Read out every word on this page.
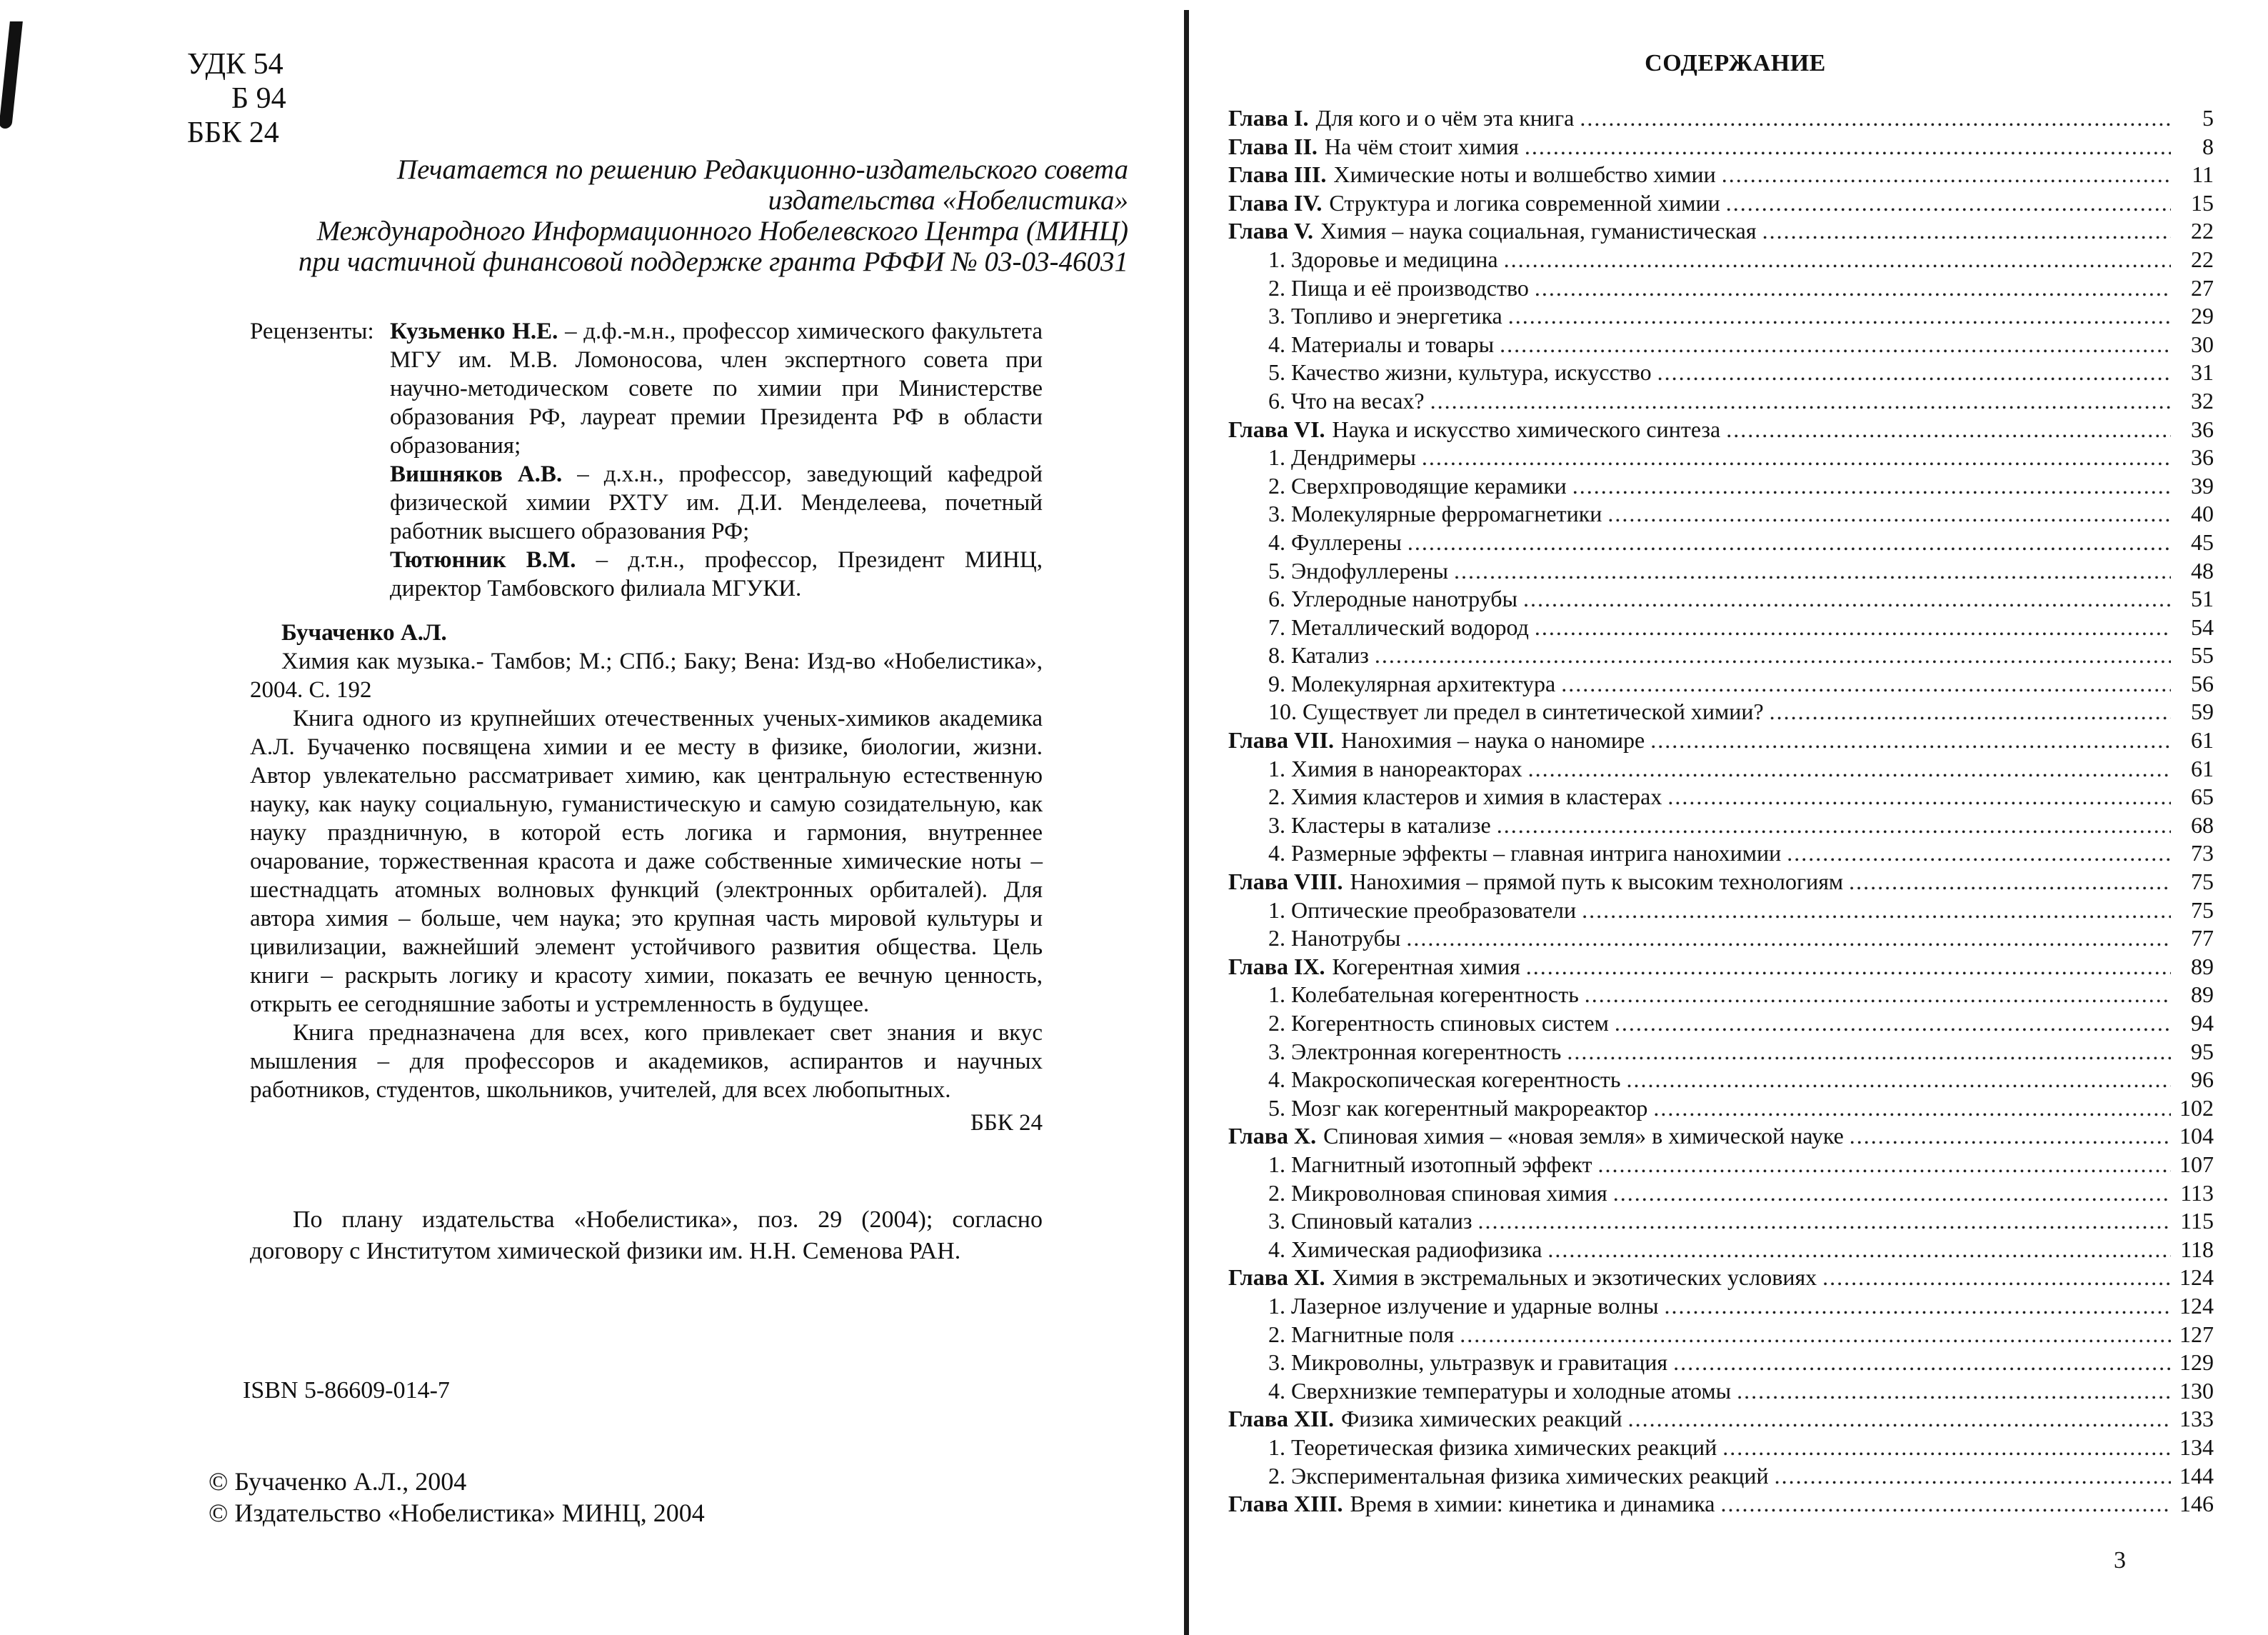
УДК 54
Б 94
ББК 24
Печатается по решению Редакционно-издательского совета
издательства «Нобелистика»
Международного Информационного Нобелевского Центра (МИНЦ)
при частичной финансовой поддержке гранта РФФИ № 03-03-46031
Рецензенты: Кузьменко Н.Е. – д.ф.-м.н., профессор химического факультета МГУ им. М.В. Ломоносова, член экспертного совета при научно-методическом совете по химии при Министерстве образования РФ, лауреат премии Президента РФ в области образования;
Вишняков А.В. – д.х.н., профессор, заведующий кафедрой физической химии РХТУ им. Д.И. Менделеева, почетный работник высшего образования РФ;
Тютюнник В.М. – д.т.н., профессор, Президент МИНЦ, директор Тамбовского филиала МГУКИ.
Бучаченко А.Л.
Химия как музыка.- Тамбов; М.; СПб.; Баку; Вена: Изд-во «Нобелистика», 2004. С. 192
Книга одного из крупнейших отечественных ученых-химиков академика А.Л. Бучаченко посвящена химии и ее месту в физике, биологии, жизни. Автор увлекательно рассматривает химию, как центральную естественную науку, как науку социальную, гуманистическую и самую созидательную, как науку праздничную, в которой есть логика и гармония, внутреннее очарование, торжественная красота и даже собственные химические ноты – шестнадцать атомных волновых функций (электронных орбиталей). Для автора химия – больше, чем наука; это крупная часть мировой культуры и цивилизации, важнейший элемент устойчивого развития общества. Цель книги – раскрыть логику и красоту химии, показать ее вечную ценность, открыть ее сегодняшние заботы и устремленность в будущее.
Книга предназначена для всех, кого привлекает свет знания и вкус мышления – для профессоров и академиков, аспирантов и научных работников, студентов, школьников, учителей, для всех любопытных.
ББК 24
По плану издательства «Нобелистика», поз. 29 (2004); согласно договору с Институтом химической физики им. Н.Н. Семенова РАН.
ISBN 5-86609-014-7
© Бучаченко А.Л., 2004
© Издательство «Нобелистика» МИНЦ, 2004
СОДЕРЖАНИЕ
Глава I. Для кого и о чём эта книга .....	5
Глава II. На чём стоит химия .....	8
Глава III. Химические ноты и волшебство химии .....	11
Глава IV. Структура и логика современной химии .....	15
Глава V. Химия – наука социальная, гуманистическая .....	22
1. Здоровье и медицина .....	22
2. Пища и её производство .....	27
3. Топливо и энергетика .....	29
4. Материалы и товары .....	30
5. Качество жизни, культура, искусство .....	31
6. Что на весах? .....	32
Глава VI. Наука и искусство химического синтеза .....	36
1. Дендримеры .....	36
2. Сверхпроводящие керамики .....	39
3. Молекулярные ферромагнетики .....	40
4. Фуллерены .....	45
5. Эндофуллерены .....	48
6. Углеродные нанотрубы .....	51
7. Металлический водород .....	54
8. Катализ .....	55
9. Молекулярная архитектура .....	56
10. Существует ли предел в синтетической химии? .....	59
Глава VII. Нанохимия – наука о наномире .....	61
1. Химия в нанореакторах .....	61
2. Химия кластеров и химия в кластерах .....	65
3. Кластеры в катализе .....	68
4. Размерные эффекты – главная интрига нанохимии .....	73
Глава VIII. Нанохимия – прямой путь к высоким технологиям .....	75
1. Оптические преобразователи .....	75
2. Нанотрубы .....	77
Глава IX. Когерентная химия .....	89
1. Колебательная когерентность .....	89
2. Когерентность спиновых систем .....	94
3. Электронная когерентность .....	95
4. Макроскопическая когерентность .....	96
5. Мозг как когерентный макрореактор .....	102
Глава X. Спиновая химия – «новая земля» в химической науке .....	104
1. Магнитный изотопный эффект .....	107
2. Микроволновая спиновая химия .....	113
3. Спиновый катализ .....	115
4. Химическая радиофизика .....	118
Глава XI. Химия в экстремальных и экзотических условиях .....	124
1. Лазерное излучение и ударные волны .....	124
2. Магнитные поля .....	127
3. Микроволны, ультразвук и гравитация .....	129
4. Сверхнизкие температуры и холодные атомы .....	130
Глава XII. Физика химических реакций .....	133
1. Теоретическая физика химических реакций .....	134
2. Экспериментальная физика химических реакций .....	144
Глава XIII. Время в химии: кинетика и динамика .....	146
3
